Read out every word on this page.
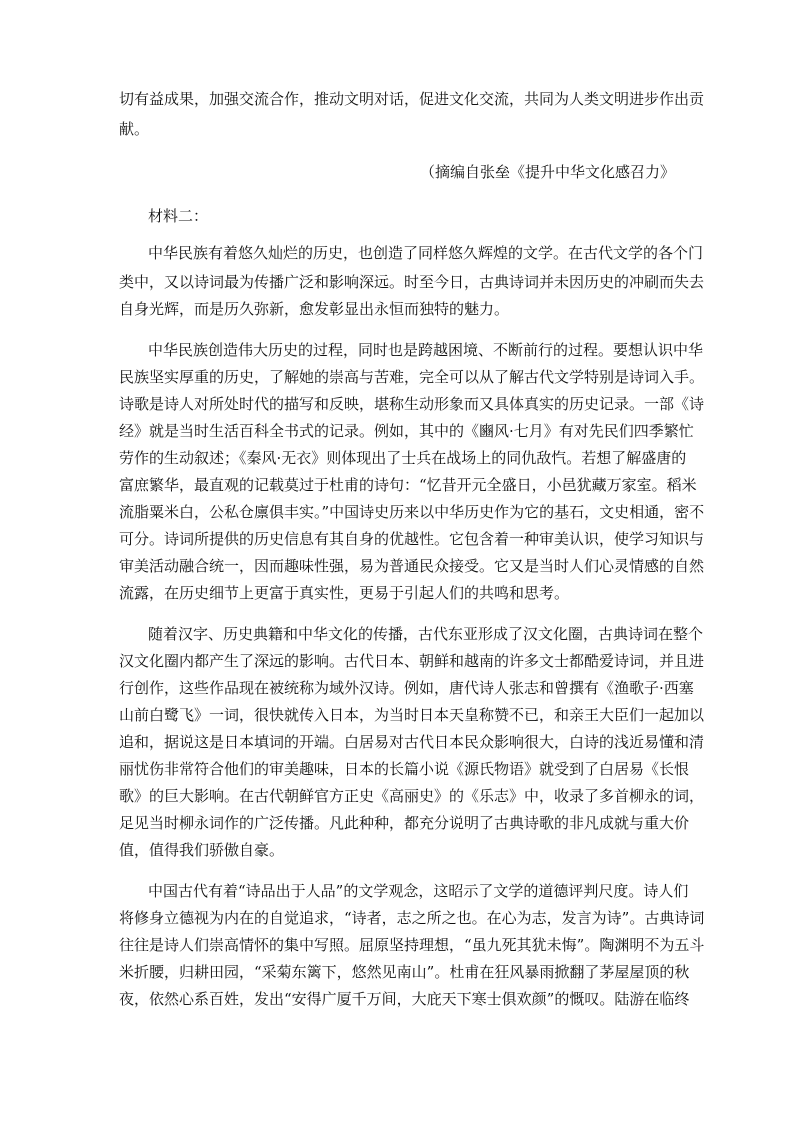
切有益成果，加强交流合作，推动文明对话，促进文化交流，共同为人类文明进步作出贡
献。
（摘编自张垒《提升中华文化感召力》
材料二：
中华民族有着悠久灿烂的历史，也创造了同样悠久辉煌的文学。在古代文学的各个门
类中，又以诗词最为传播广泛和影响深远。时至今日，古典诗词并未因历史的冲刷而失去
自身光辉，而是历久弥新，愈发彰显出永恒而独特的魅力。
中华民族创造伟大历史的过程，同时也是跨越困境、不断前行的过程。要想认识中华
民族坚实厚重的历史，了解她的崇高与苦难，完全可以从了解古代文学特别是诗词入手。
诗歌是诗人对所处时代的描写和反映，堪称生动形象而又具体真实的历史记录。一部《诗
经》就是当时生活百科全书式的记录。例如，其中的《豳风·七月》有对先民们四季繁忙
劳作的生动叙述；《秦风·无衣》则体现出了士兵在战场上的同仇敌忾。若想了解盛唐的
富庶繁华，最直观的记载莫过于杜甫的诗句：“忆昔开元全盛日，小邑犹藏万家室。稻米
流脂粟米白，公私仓廪俱丰实。”中国诗史历来以中华历史作为它的基石，文史相通，密不
可分。诗词所提供的历史信息有其自身的优越性。它包含着一种审美认识，使学习知识与
审美活动融合统一，因而趣味性强，易为普通民众接受。它又是当时人们心灵情感的自然
流露，在历史细节上更富于真实性，更易于引起人们的共鸣和思考。
随着汉字、历史典籍和中华文化的传播，古代东亚形成了汉文化圈，古典诗词在整个
汉文化圈内都产生了深远的影响。古代日本、朝鲜和越南的许多文士都酷爱诗词，并且进
行创作，这些作品现在被统称为域外汉诗。例如，唐代诗人张志和曾撰有《渔歌子·西塞
山前白鹭飞》一词，很快就传入日本，为当时日本天皇称赞不已，和亲王大臣们一起加以
追和，据说这是日本填词的开端。白居易对古代日本民众影响很大，白诗的浅近易懂和清
丽忧伤非常符合他们的审美趣味，日本的长篇小说《源氏物语》就受到了白居易《长恨
歌》的巨大影响。在古代朝鲜官方正史《高丽史》的《乐志》中，收录了多首柳永的词，
足见当时柳永词作的广泛传播。凡此种种，都充分说明了古典诗歌的非凡成就与重大价
值，值得我们骄傲自豪。
中国古代有着“诗品出于人品”的文学观念，这昭示了文学的道德评判尺度。诗人们
将修身立德视为内在的自觉追求，“诗者，志之所之也。在心为志，发言为诗”。古典诗词
往往是诗人们崇高情怀的集中写照。屈原坚持理想，“虽九死其犹未悔”。陶渊明不为五斗
米折腰，归耕田园，“采菊东篱下，悠然见南山”。杜甫在狂风暴雨掀翻了茅屋屋顶的秋
夜，依然心系百姓，发出“安得广厦千万间，大庇天下寒士俱欢颜”的慨叹。陆游在临终
